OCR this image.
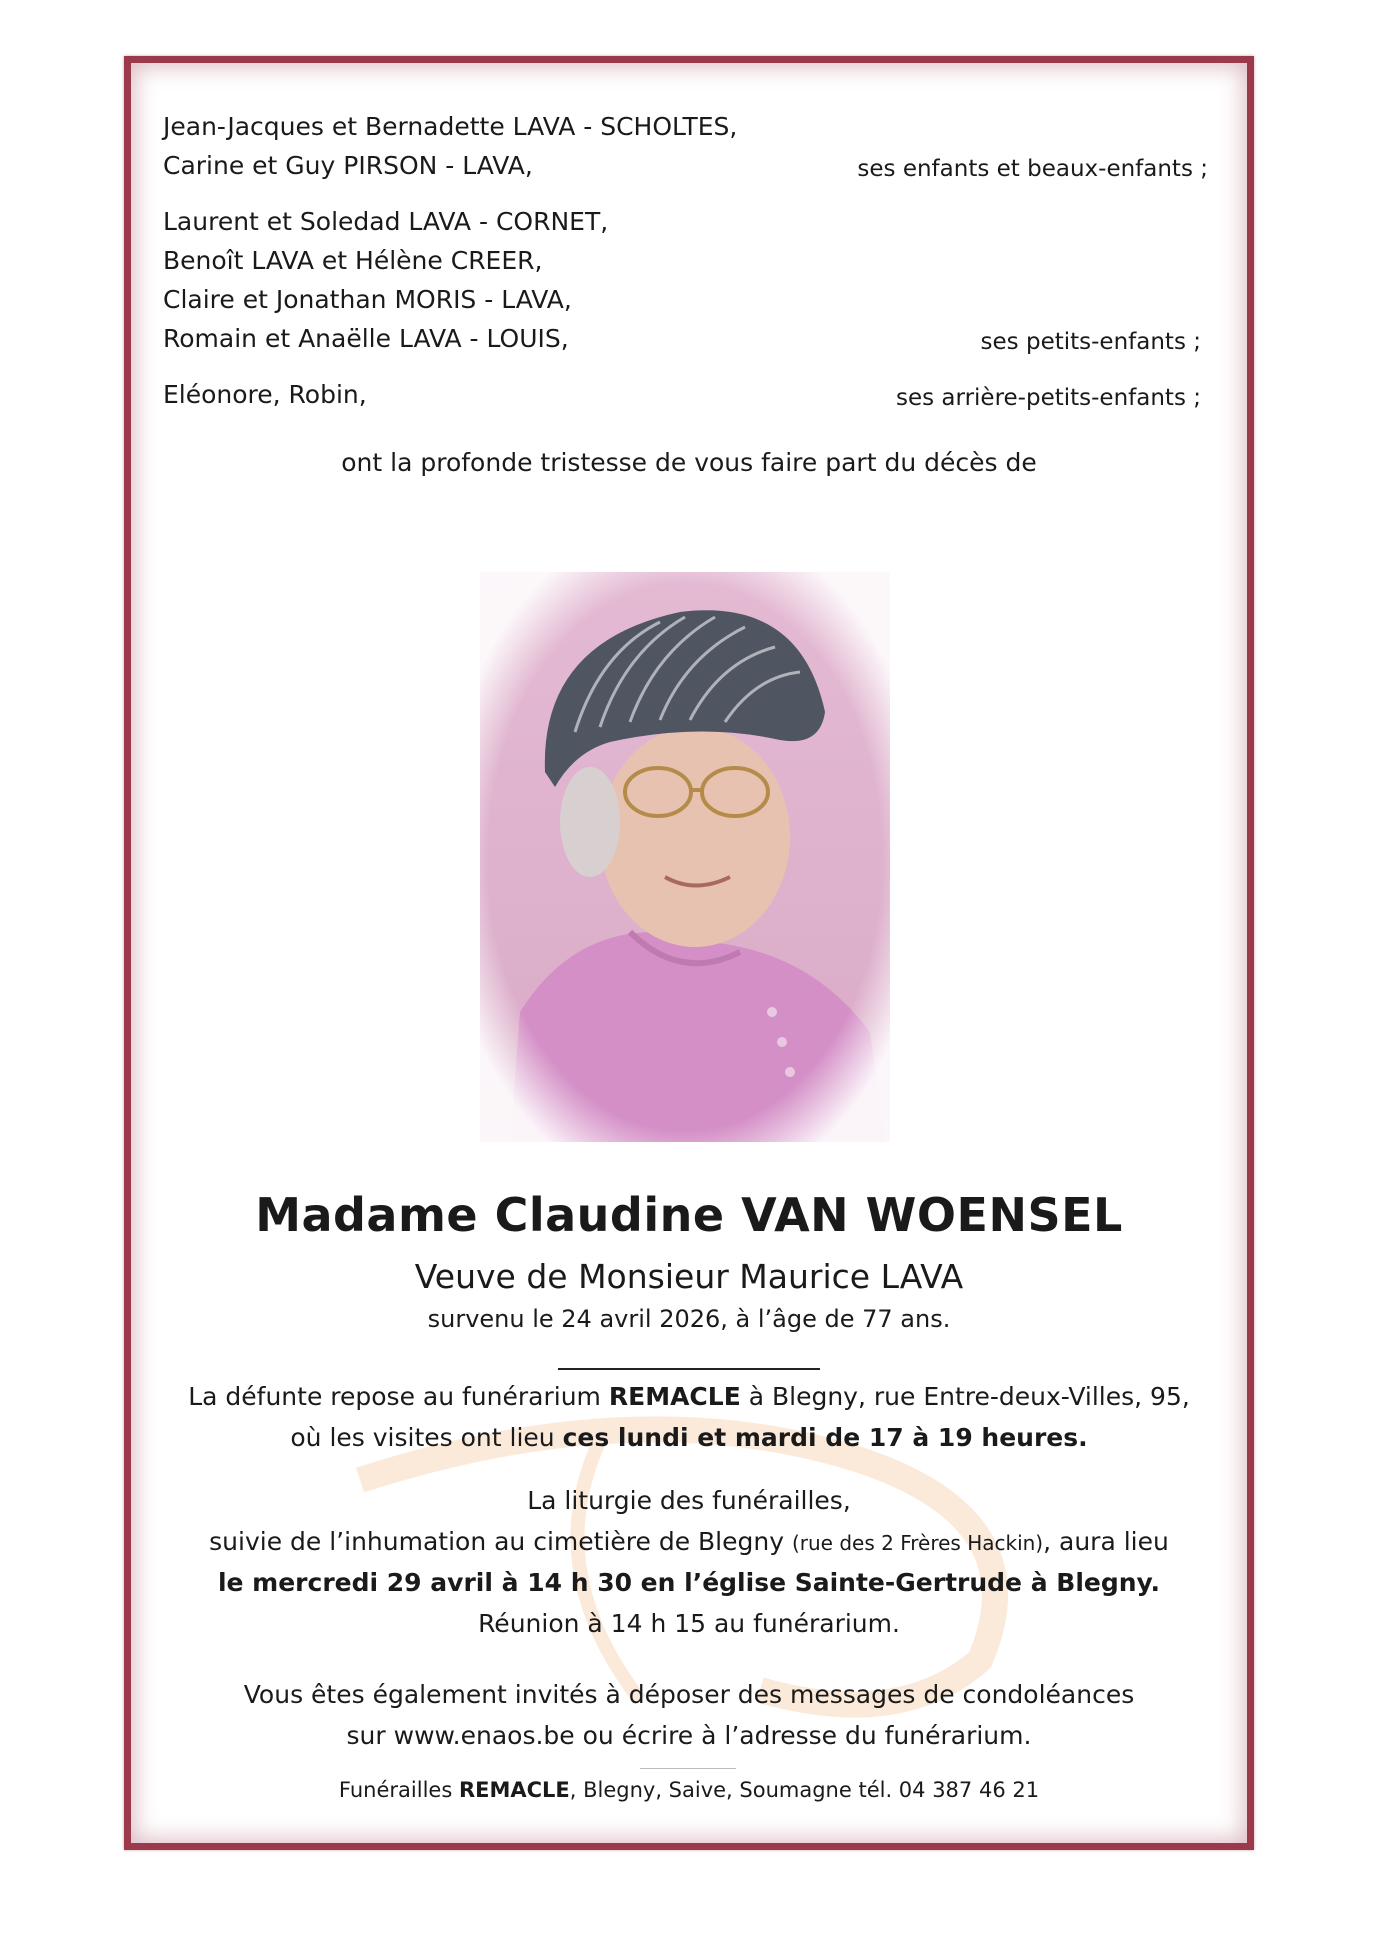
Jean-Jacques et Bernadette LAVA - SCHOLTES,
Carine et Guy PIRSON - LAVA,	ses enfants et beaux-enfants ;
Laurent et Soledad LAVA - CORNET,
Benoît LAVA et Hélène CREER,
Claire et Jonathan MORIS - LAVA,
Romain et Anaëlle LAVA - LOUIS,	ses petits-enfants ;
Eléonore, Robin,	ses arrière-petits-enfants ;
ont la profonde tristesse de vous faire part du décès de
Madame Claudine VAN WOENSEL
Veuve de Monsieur Maurice LAVA
survenu le 24 avril 2026, à l’âge de 77 ans.
La défunte repose au funérarium REMACLE à Blegny, rue Entre-deux-Villes, 95,
où les visites ont lieu ces lundi et mardi de 17 à 19 heures.
La liturgie des funérailles,
suivie de l’inhumation au cimetière de Blegny (rue des 2 Frères Hackin), aura lieu
le mercredi 29 avril à 14 h 30 en l’église Sainte-Gertrude à Blegny.
Réunion à 14 h 15 au funérarium.
Vous êtes également invités à déposer des messages de condoléances
sur www.enaos.be ou écrire à l’adresse du funérarium.
Funérailles REMACLE, Blegny, Saive, Soumagne tél. 04 387 46 21
